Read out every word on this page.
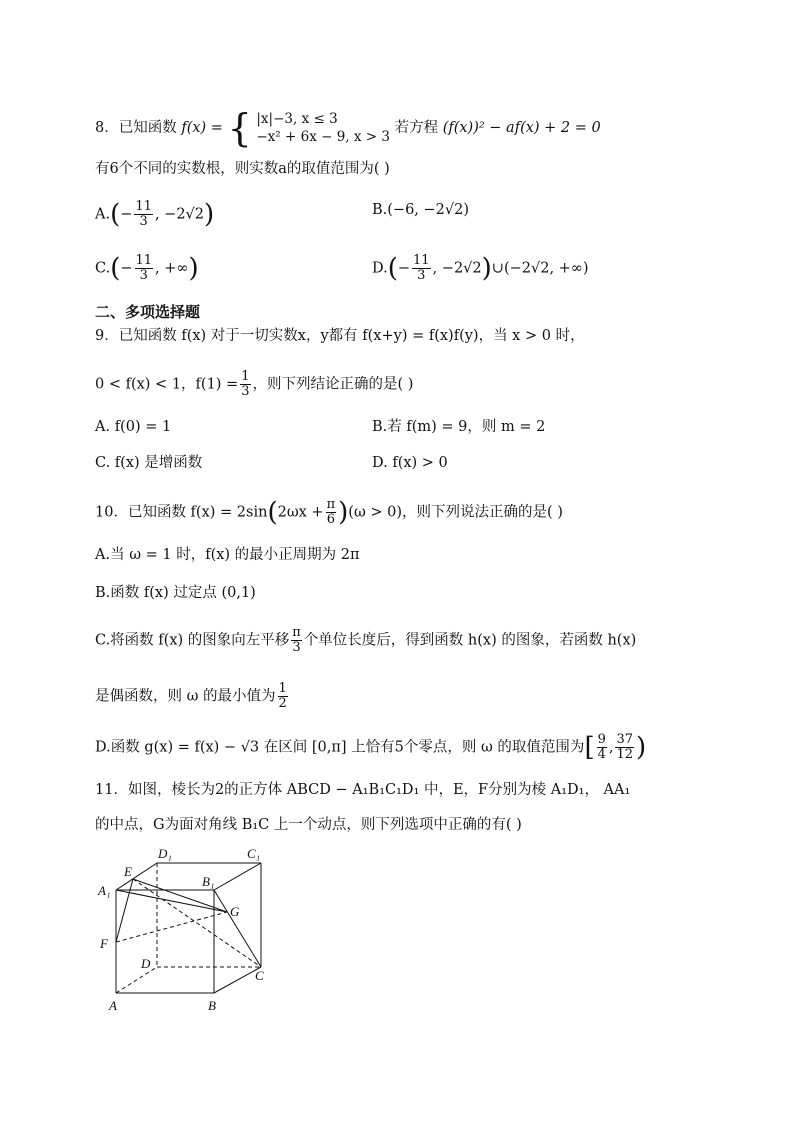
8．已知函数 f(x) = { |x|−3, x ≤ 3
−x² + 6x − 9, x > 3
若方程 (f(x))² − af(x) + 2 = 0
有6个不同的实数根，则实数a的取值范围为( )
$A.(- \frac{11}{3}$ , −2√2)	B.(−6, −2√2)
$C.(- \frac{11}{3}$ , +∞)	$D.(- \frac{11}{3}$ , −2√2)∪(−2√2, +∞)
二、多项选择题
9．已知函数 f(x) 对于一切实数x，y都有 f(x+y) = f(x)f(y)，当 x > 0 时，
0 < f(x) < 1，$f(1) = \frac{1}{3}$ ，则下列结论正确的是( )
A. f(0) = 1	B.若 f(m) = 9，则 m = 2
C. f(x) 是增函数	D. f(x) > 0
10．已知函数 $f(x) = 2\sin(2\omega x + \frac{\pi}{6} )(\omega > 0)$，则下列说法正确的是( )
A.当 ω = 1 时，f(x) 的最小正周期为 2π
B.函数 f(x) 过定点 (0,1)
C.将函数 f(x) 的图象向左平移 $\frac{\pi}{3}$ 个单位长度后，得到函数 h(x) 的图象，若函数 h(x)
是偶函数，则 ω 的最小值为 $\frac{1}{2}$
D.函数 g(x) = f(x) − √3 在区间 [0,π] 上恰有5个零点，则 ω 的取值范围为[ $\frac{9}{4}$ , $\frac{37}{12}$ )
11．如图，棱长为2的正方体 ABCD − A₁B₁C₁D₁ 中，E，F分别为棱 A₁D₁， AA₁
的中点，G为面对角线 B₁C 上一个动点，则下列选项中正确的有( )
A₁
E
D₁	C₁
B₁
G
F
D
C
A	B
